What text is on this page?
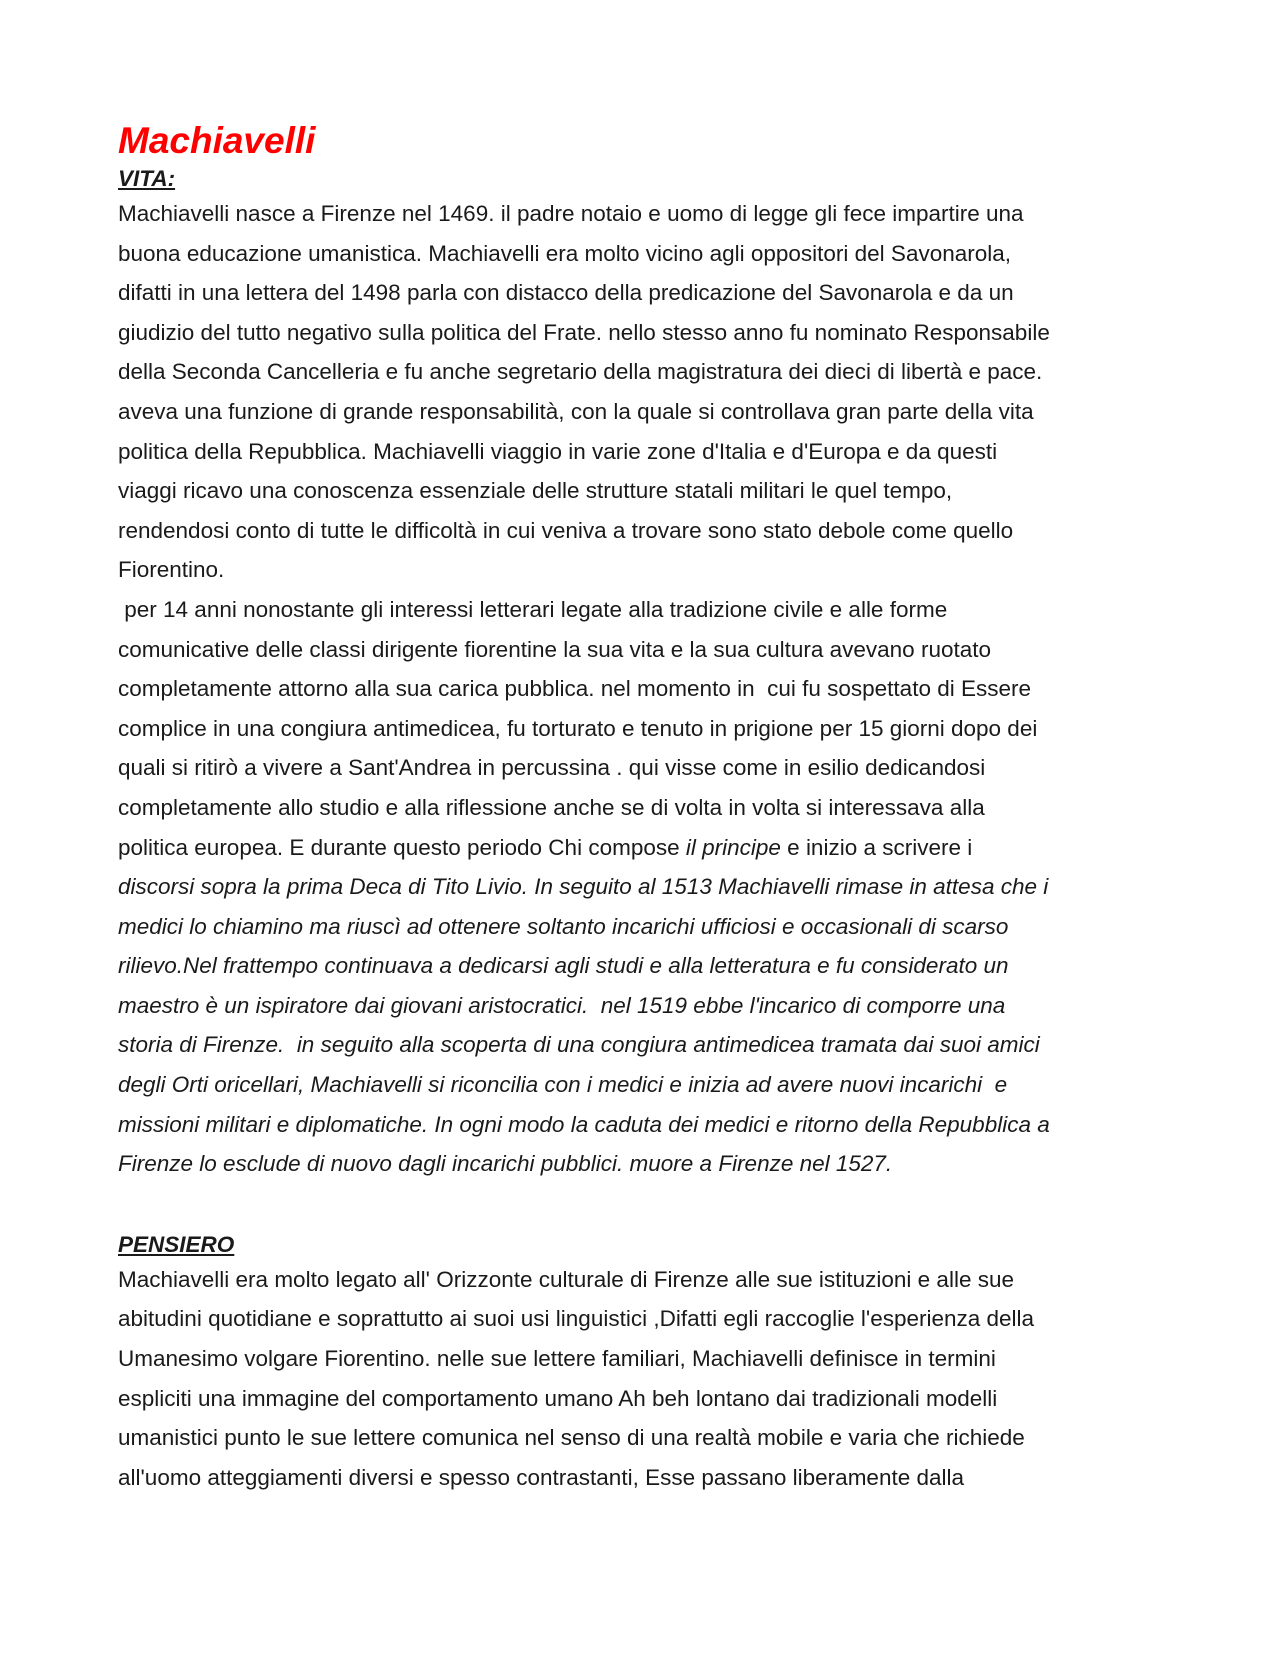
Machiavelli
VITA:
Machiavelli nasce a Firenze nel 1469. il padre notaio e uomo di legge gli fece impartire una
buona educazione umanistica. Machiavelli era molto vicino agli oppositori del Savonarola,
difatti in una lettera del 1498 parla con distacco della predicazione del Savonarola e da un
giudizio del tutto negativo sulla politica del Frate. nello stesso anno fu nominato Responsabile
della Seconda Cancelleria e fu anche segretario della magistratura dei dieci di libertà e pace.
aveva una funzione di grande responsabilità, con la quale si controllava gran parte della vita
politica della Repubblica. Machiavelli viaggio in varie zone d'Italia e d'Europa e da questi
viaggi ricavo una conoscenza essenziale delle strutture statali militari le quel tempo,
rendendosi conto di tutte le difficoltà in cui veniva a trovare sono stato debole come quello
Fiorentino.
per 14 anni nonostante gli interessi letterari legate alla tradizione civile e alle forme
comunicative delle classi dirigente fiorentine la sua vita e la sua cultura avevano ruotato
completamente attorno alla sua carica pubblica. nel momento in  cui fu sospettato di Essere
complice in una congiura antimedicea, fu torturato e tenuto in prigione per 15 giorni dopo dei
quali si ritirò a vivere a Sant'Andrea in percussina . qui visse come in esilio dedicandosi
completamente allo studio e alla riflessione anche se di volta in volta si interessava alla
politica europea. E durante questo periodo Chi compose il principe e inizio a scrivere i
discorsi sopra la prima Deca di Tito Livio. In seguito al 1513 Machiavelli rimase in attesa che i
medici lo chiamino ma riuscì ad ottenere soltanto incarichi ufficiosi e occasionali di scarso
rilievo.Nel frattempo continuava a dedicarsi agli studi e alla letteratura e fu considerato un
maestro è un ispiratore dai giovani aristocratici.  nel 1519 ebbe l'incarico di comporre una
storia di Firenze.  in seguito alla scoperta di una congiura antimedicea tramata dai suoi amici
degli Orti oricellari, Machiavelli si riconcilia con i medici e inizia ad avere nuovi incarichi  e
missioni militari e diplomatiche. In ogni modo la caduta dei medici e ritorno della Repubblica a
Firenze lo esclude di nuovo dagli incarichi pubblici. muore a Firenze nel 1527.
PENSIERO
Machiavelli era molto legato all' Orizzonte culturale di Firenze alle sue istituzioni e alle sue
abitudini quotidiane e soprattutto ai suoi usi linguistici ,Difatti egli raccoglie l'esperienza della
Umanesimo volgare Fiorentino. nelle sue lettere familiari, Machiavelli definisce in termini
espliciti una immagine del comportamento umano Ah beh lontano dai tradizionali modelli
umanistici punto le sue lettere comunica nel senso di una realtà mobile e varia che richiede
all'uomo atteggiamenti diversi e spesso contrastanti, Esse passano liberamente dalla
